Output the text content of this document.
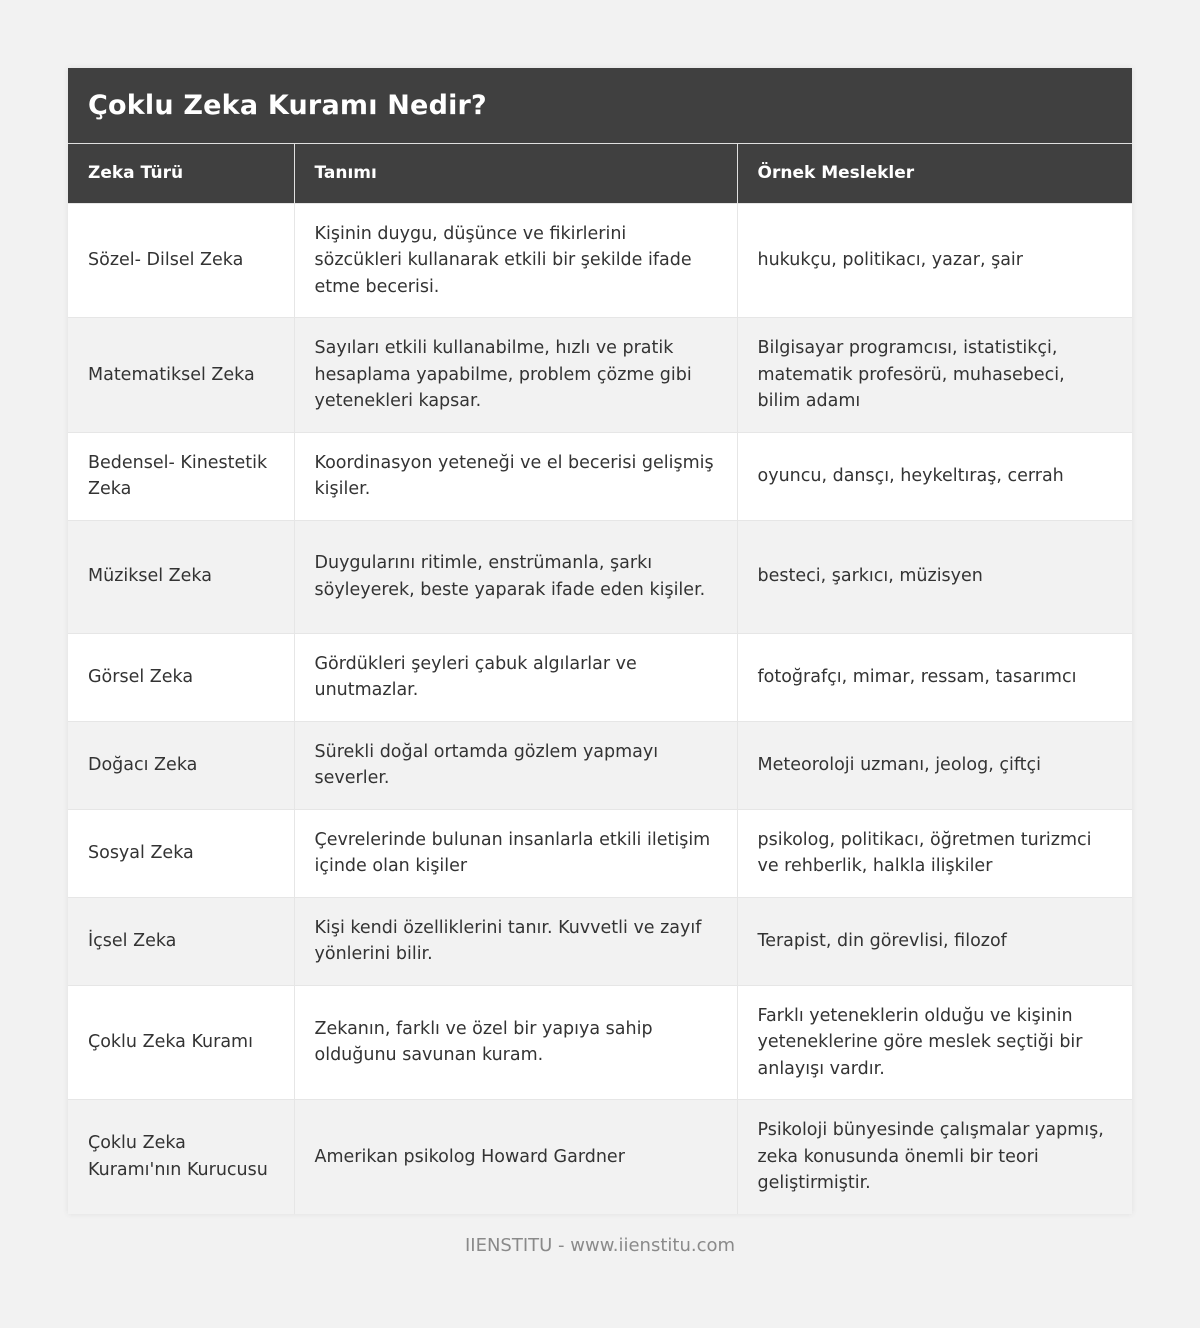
Çoklu Zeka Kuramı Nedir?
Zeka Türü	Tanımı	Örnek Meslekler
Sözel- Dilsel Zeka	Kişinin duygu, düşünce ve fikirlerini sözcükleri kullanarak etkili bir şekilde ifade etme becerisi.	hukukçu, politikacı, yazar, şair
Matematiksel Zeka	Sayıları etkili kullanabilme, hızlı ve pratik hesaplama yapabilme, problem çözme gibi yetenekleri kapsar.	Bilgisayar programcısı, istatistikçi, matematik profesörü, muhasebeci, bilim adamı
Bedensel- Kinestetik Zeka	Koordinasyon yeteneği ve el becerisi gelişmiş kişiler.	oyuncu, dansçı, heykeltıraş, cerrah
Müziksel Zeka	Duygularını ritimle, enstrümanla, şarkı söyleyerek, beste yaparak ifade eden kişiler.	besteci, şarkıcı, müzisyen
Görsel Zeka	Gördükleri şeyleri çabuk algılarlar ve unutmazlar.	fotoğrafçı, mimar, ressam, tasarımcı
Doğacı Zeka	Sürekli doğal ortamda gözlem yapmayı severler.	Meteoroloji uzmanı, jeolog, çiftçi
Sosyal Zeka	Çevrelerinde bulunan insanlarla etkili iletişim içinde olan kişiler	psikolog, politikacı, öğretmen turizmci ve rehberlik, halkla ilişkiler
İçsel Zeka	Kişi kendi özelliklerini tanır. Kuvvetli ve zayıf yönlerini bilir.	Terapist, din görevlisi, filozof
Çoklu Zeka Kuramı	Zekanın, farklı ve özel bir yapıya sahip olduğunu savunan kuram.	Farklı yeteneklerin olduğu ve kişinin yeteneklerine göre meslek seçtiği bir anlayışı vardır.
Çoklu Zeka Kuramı'nın Kurucusu	Amerikan psikolog Howard Gardner	Psikoloji bünyesinde çalışmalar yapmış, zeka konusunda önemli bir teori geliştirmiştir.
IIENSTITU - www.iienstitu.com
